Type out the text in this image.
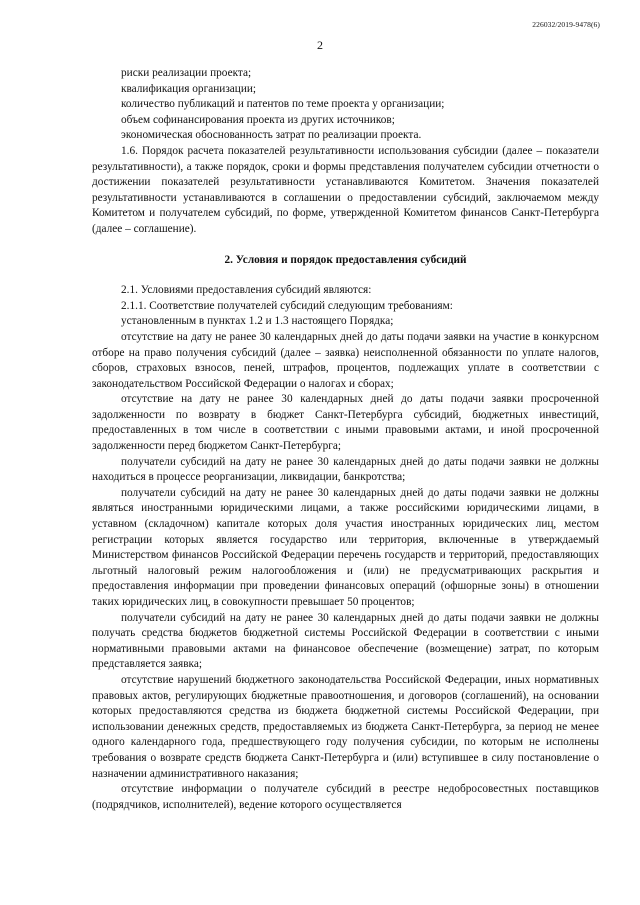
226032/2019-9478(6)
2

риски реализации проекта;

квалификация организации;

количество публикаций и патентов по теме проекта у организации;

объем софинансирования проекта из других источников;

экономическая обоснованность затрат по реализации проекта.

1.6. Порядок расчета показателей результативности использования субсидии (далее – показатели результативности), а также порядок, сроки и формы представления получателем субсидии отчетности о достижении показателей результативности устанавливаются Комитетом. Значения показателей результативности устанавливаются в соглашении о предоставлении субсидий, заключаемом между Комитетом и получателем субсидий, по форме, утвержденной Комитетом финансов Санкт-Петербурга (далее – соглашение).

2. Условия и порядок предоставления субсидий

2.1. Условиями предоставления субсидий являются:

2.1.1. Соответствие получателей субсидий следующим требованиям:

установленным в пунктах 1.2 и 1.3 настоящего Порядка;

отсутствие на дату не ранее 30 календарных дней до даты подачи заявки на участие в конкурсном отборе на право получения субсидий (далее – заявка) неисполненной обязанности по уплате налогов, сборов, страховых взносов, пеней, штрафов, процентов, подлежащих уплате в соответствии с законодательством Российской Федерации о налогах и сборах;

отсутствие на дату не ранее 30 календарных дней до даты подачи заявки просроченной задолженности по возврату в бюджет Санкт-Петербурга субсидий, бюджетных инвестиций, предоставленных в том числе в соответствии с иными правовыми актами, и иной просроченной задолженности перед бюджетом Санкт-Петербурга;

получатели субсидий на дату не ранее 30 календарных дней до даты подачи заявки не должны находиться в процессе реорганизации, ликвидации, банкротства;

получатели субсидий на дату не ранее 30 календарных дней до даты подачи заявки не должны являться иностранными юридическими лицами, а также российскими юридическими лицами, в уставном (складочном) капитале которых доля участия иностранных юридических лиц, местом регистрации которых является государство или территория, включенные в утверждаемый Министерством финансов Российской Федерации перечень государств и территорий, предоставляющих льготный налоговый режим налогообложения и (или) не предусматривающих раскрытия и предоставления информации при проведении финансовых операций (офшорные зоны) в отношении таких юридических лиц, в совокупности превышает 50 процентов;

получатели субсидий на дату не ранее 30 календарных дней до даты подачи заявки не должны получать средства бюджетов бюджетной системы Российской Федерации в соответствии с иными нормативными правовыми актами на финансовое обеспечение (возмещение) затрат, по которым представляется заявка;

отсутствие нарушений бюджетного законодательства Российской Федерации, иных нормативных правовых актов, регулирующих бюджетные правоотношения, и договоров (соглашений), на основании которых предоставляются средства из бюджета бюджетной системы Российской Федерации, при использовании денежных средств, предоставляемых из бюджета Санкт-Петербурга, за период не менее одного календарного года, предшествующего году получения субсидии, по которым не исполнены требования о возврате средств бюджета Санкт-Петербурга и (или) вступившее в силу постановление о назначении административного наказания;

отсутствие информации о получателе субсидий в реестре недобросовестных поставщиков (подрядчиков, исполнителей), ведение которого осуществляется
